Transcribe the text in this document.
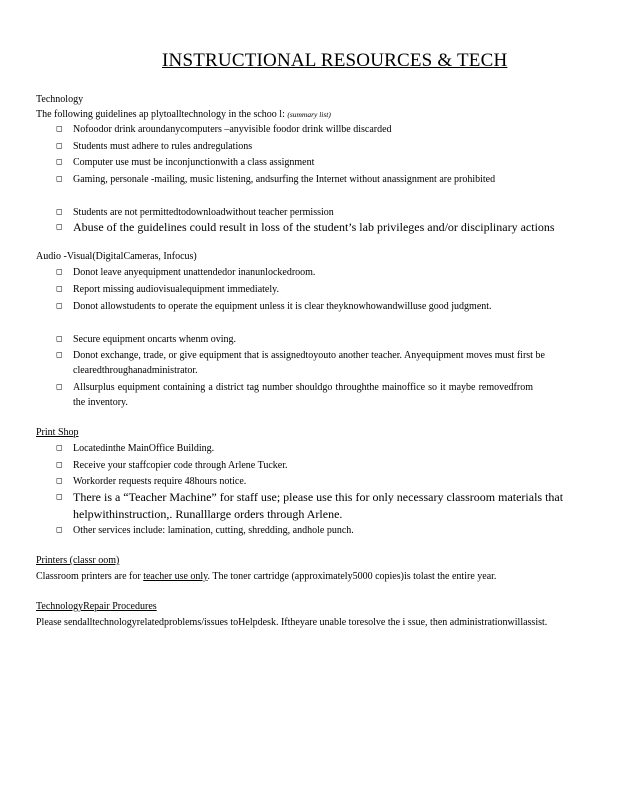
INSTRUCTIONAL RESOURCES & TECH
Technology
The following guidelines ap plytoalltechnology in the schoo l: (summary list)
◻ Nofoodor drink aroundanycomputers –anyvisible foodor drink willbe discarded
◻ Students must adhere to rules andregulations
◻ Computer use must be inconjunctionwith a class assignment
◻ Gaming, personale -mailing, music listening, andsurfing the Internet without anassignment are prohibited
◻ Students are not permittedtodownloadwithout teacher permission
◻ Abuse of the guidelines could result in loss of the student’s lab privileges and/or disciplinary actions
Audio -Visual(DigitalCameras, Infocus)
◻ Donot leave anyequipment unattendedor inanunlockedroom.
◻ Report missing audiovisualequipment immediately.
◻ Donot allowstudents to operate the equipment unless it is clear theyknowhowandwilluse good judgment.
◻ Secure equipment oncarts whenm oving.
◻ Donot exchange, trade, or give equipment that is assignedtoyouto another teacher. Anyequipment moves must first be clearedthroughanadministrator.
◻ Allsurplus equipment containing a district tag number shouldgo throughthe mainoffice so it maybe removedfrom the inventory.
Print Shop
◻ Locatedinthe MainOffice Building.
◻ Receive your staffcopier code through Arlene Tucker.
◻ Workorder requests require 48hours notice.
◻ There is a “Teacher Machine” for staff use; please use this for only necessary classroom materials that helpwithinstruction,. Runalllarge orders through Arlene.
◻ Other services include: lamination, cutting, shredding, andhole punch.
Printers (classr oom)
Classroom printers are for teacher use only. The toner cartridge (approximately5000 copies)is tolast the entire year.
TechnologyRepair Procedures
Please sendalltechnologyrelatedproblems/issues toHelpdesk. Iftheyare unable toresolve the i ssue, then administrationwillassist.
